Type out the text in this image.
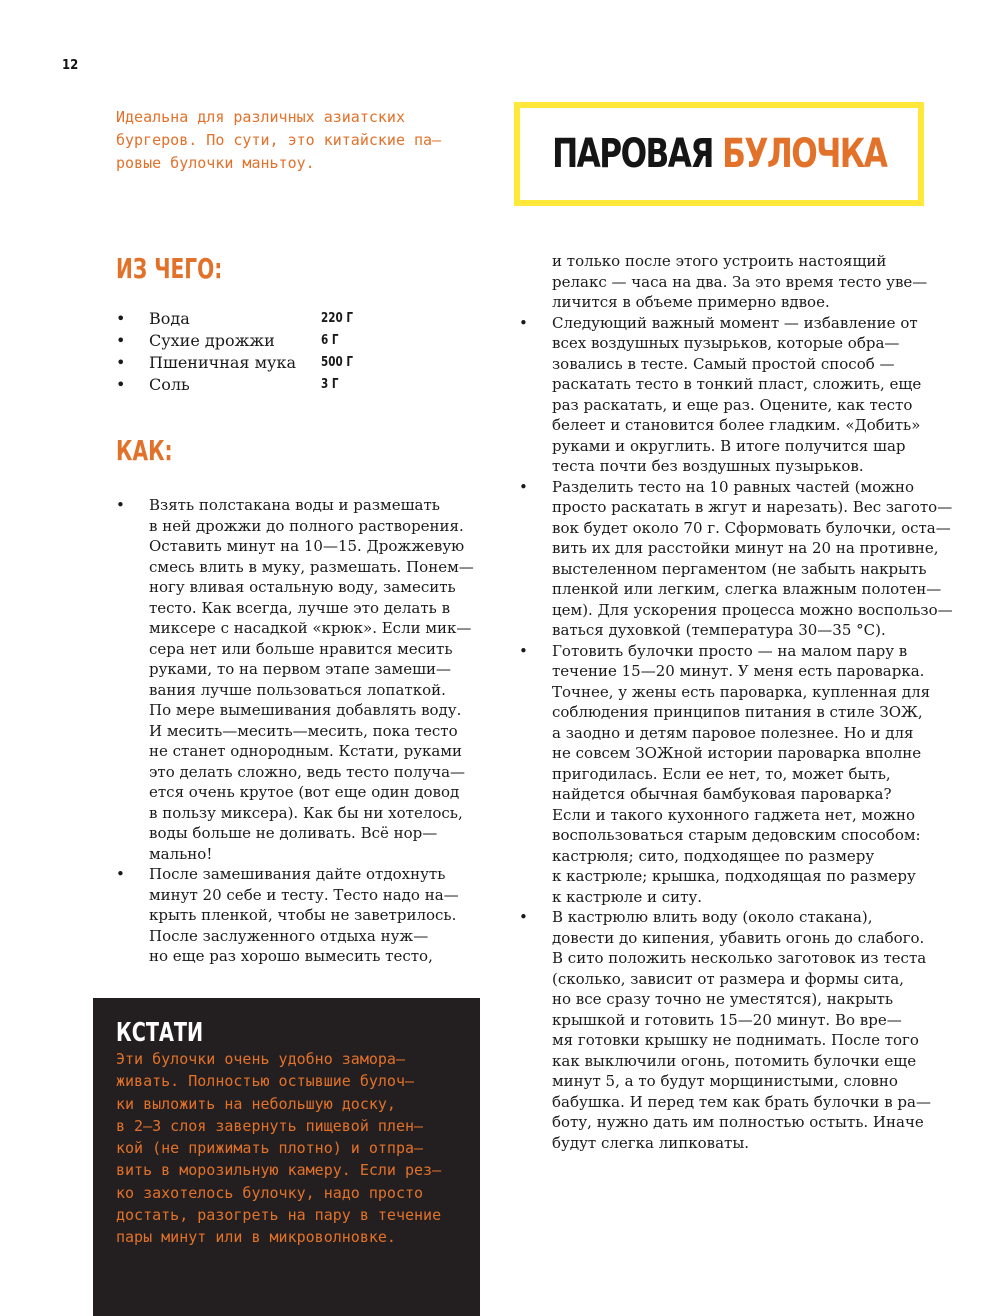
12
Идеальна для различных азиатских
бургеров. По сути, это китайские па—
ровые булочки маньтоу.	ПАРОВАЯ БУЛОЧКА
ИЗ ЧЕГО:
•	Вода	220 Г
•	Сухие дрожжи	6 Г
•	Пшеничная мука	500 Г
•	Соль	3 Г
КАК:
• Взять полстакана воды и размешать
в ней дрожжи до полного растворения.
Оставить минут на 10—15. Дрожжевую
смесь влить в муку, размешать. Понем—
ногу вливая остальную воду, замесить
тесто. Как всегда, лучше это делать в
миксере с насадкой «крюк». Если мик—
сера нет или больше нравится месить
руками, то на первом этапе замеши—
вания лучше пользоваться лопаткой.
По мере вымешивания добавлять воду.
И месить—месить—месить, пока тесто
не станет однородным. Кстати, руками
это делать сложно, ведь тесто получа—
ется очень крутое (вот еще один довод
в пользу миксера). Как бы ни хотелось,
воды больше не доливать. Всё нор—
мально!
• После замешивания дайте отдохнуть
минут 20 себе и тесту. Тесто надо на—
крыть пленкой, чтобы не заветрилось.
После заслуженного отдыха нуж—
но еще раз хорошо вымесить тесто,
и только после этого устроить настоящий
релакс — часа на два. За это время тесто уве—
личится в объеме примерно вдвое.
• Следующий важный момент — избавление от
всех воздушных пузырьков, которые обра—
зовались в тесте. Самый простой способ —
раскатать тесто в тонкий пласт, сложить, еще
раз раскатать, и еще раз. Оцените, как тесто
белеет и становится более гладким. «Добить»
руками и округлить. В итоге получится шар
теста почти без воздушных пузырьков.
• Разделить тесто на 10 равных частей (можно
просто раскатать в жгут и нарезать). Вес загото—
вок будет около 70 г. Сформовать булочки, оста—
вить их для расстойки минут на 20 на противне,
выстеленном пергаментом (не забыть накрыть
пленкой или легким, слегка влажным полотен—
цем). Для ускорения процесса можно воспользо—
ваться духовкой (температура 30—35 °С).
• Готовить булочки просто — на малом пару в
течение 15—20 минут. У меня есть пароварка.
Точнее, у жены есть пароварка, купленная для
соблюдения принципов питания в стиле ЗОЖ,
а заодно и детям паровое полезнее. Но и для
не совсем ЗОЖной истории пароварка вполне
пригодилась. Если ее нет, то, может быть,
найдется обычная бамбуковая пароварка?
Если и такого кухонного гаджета нет, можно
воспользоваться старым дедовским способом:
кастрюля; сито, подходящее по размеру
к кастрюле; крышка, подходящая по размеру
к кастрюле и ситу.
• В кастрюлю влить воду (около стакана),
довести до кипения, убавить огонь до слабого.
В сито положить несколько заготовок из теста
(сколько, зависит от размера и формы сита,
но все сразу точно не уместятся), накрыть
крышкой и готовить 15—20 минут. Во вре—
мя готовки крышку не поднимать. После того
как выключили огонь, потомить булочки еще
минут 5, а то будут морщинистыми, словно
бабушка. И перед тем как брать булочки в ра—
боту, нужно дать им полностью остыть. Иначе
будут слегка липковаты.
КСТАТИ
Эти булочки очень удобно замора—
живать. Полностью остывшие булоч—
ки выложить на небольшую доску,
в 2—3 слоя завернуть пищевой плен—
кой (не прижимать плотно) и отпра—
вить в морозильную камеру. Если рез—
ко захотелось булочку, надо просто
достать, разогреть на пару в течение
пары минут или в микроволновке.
